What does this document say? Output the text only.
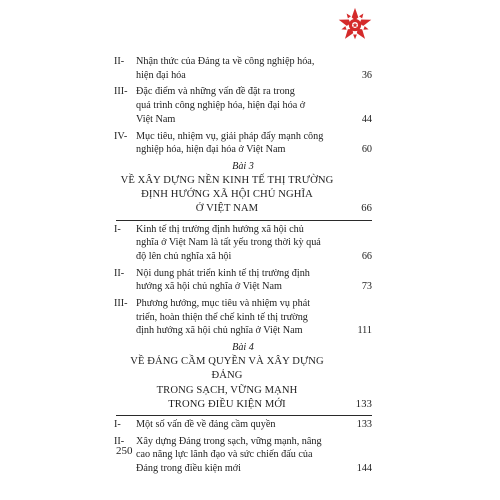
II-	Nhận thức của Đảng ta về công nghiệp hóa,
hiện đại hóa	36
III- Đặc điểm và những vấn đề đặt ra trong
quá trình công nghiệp hóa, hiện đại hóa ở
Việt Nam	44
IV- Mục tiêu, nhiệm vụ, giải pháp đẩy mạnh công
nghiệp hóa, hiện đại hóa ở Việt Nam	60
Bài 3
VỀ XÂY DỰNG NỀN KINH TẾ THỊ TRƯỜNG
ĐỊNH HƯỚNG XÃ HỘI CHỦ NGHĨA
Ở VIỆT NAM	66
I-	Kinh tế thị trường định hướng xã hội chủ
nghĩa ở Việt Nam là tất yếu trong thời kỳ quá
độ lên chủ nghĩa xã hội	66
II-	Nội dung phát triển kinh tế thị trường định
hướng xã hội chủ nghĩa ở Việt Nam	73
III- Phương hướng, mục tiêu và nhiệm vụ phát
triển, hoàn thiện thể chế kinh tế thị trường
định hướng xã hội chủ nghĩa ở Việt Nam	111
Bài 4
VỀ ĐẢNG CẦM QUYỀN VÀ XÂY DỰNG ĐẢNG
TRONG SẠCH, VỮNG MẠNH
TRONG ĐIỀU KIỆN MỚI	133
I-	Một số vấn đề về đảng cầm quyền	133
II-	Xây dựng Đảng trong sạch, vững mạnh, nâng
cao năng lực lãnh đạo và sức chiến đấu của
Đảng trong điều kiện mới	144
250
